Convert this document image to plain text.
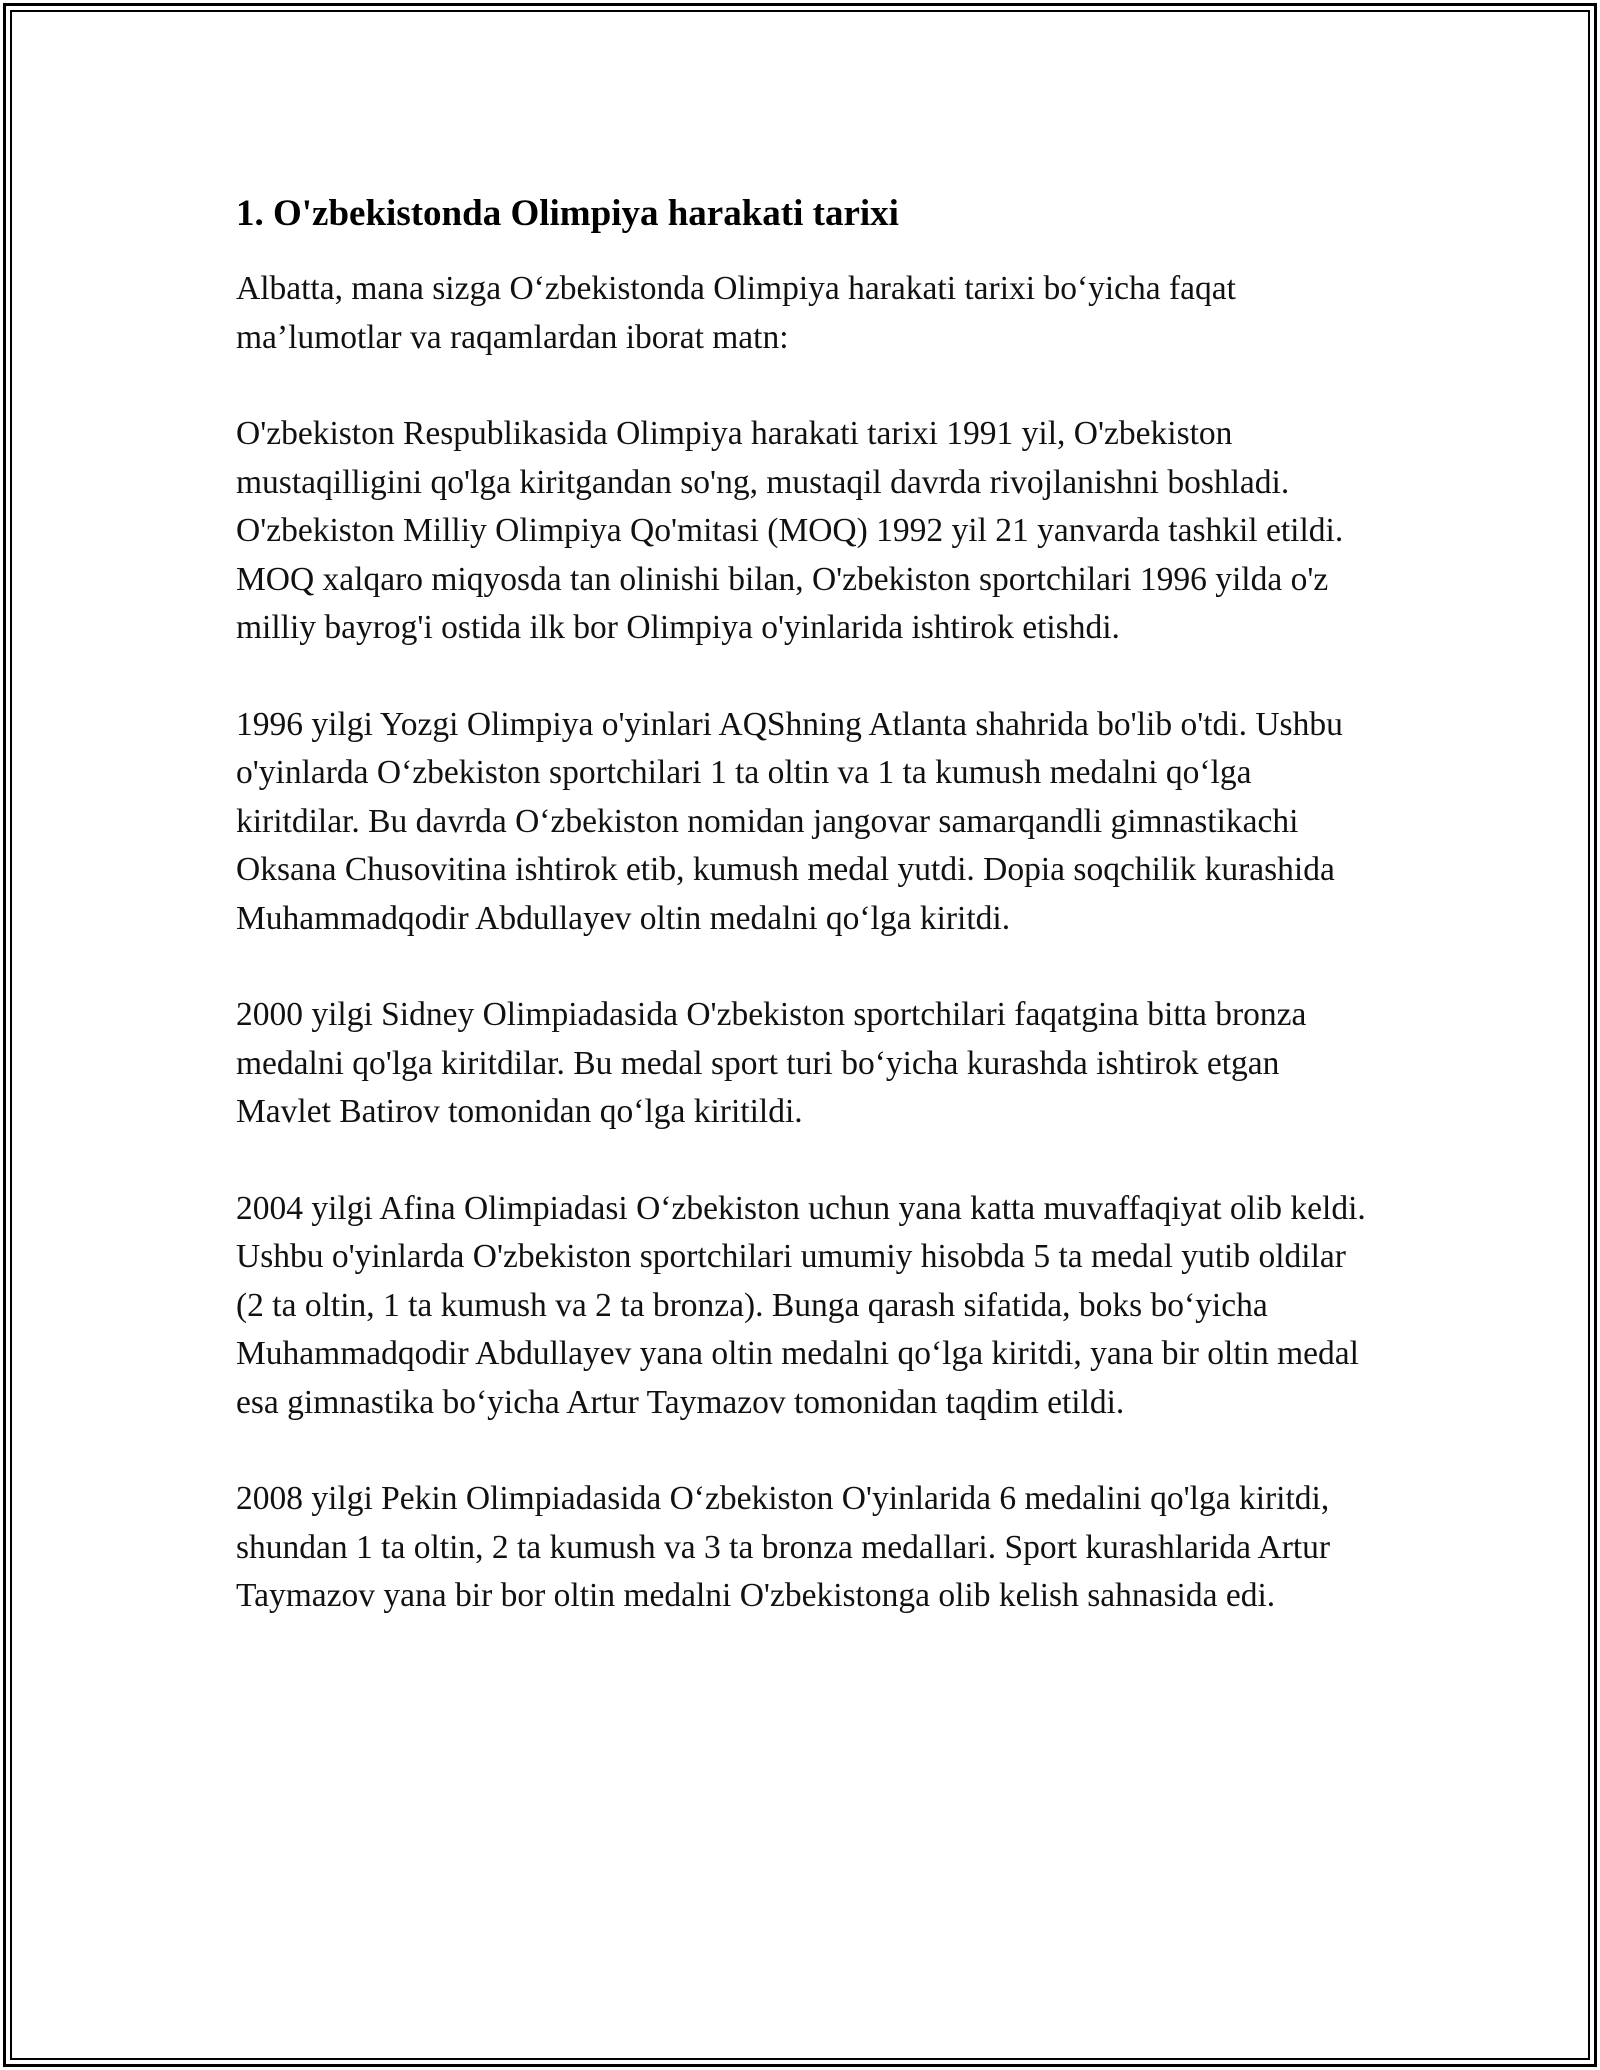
1. O'zbekistonda Olimpiya harakati tarixi

Albatta, mana sizga O‘zbekistonda Olimpiya harakati tarixi bo‘yicha faqat ma’lumotlar va raqamlardan iborat matn:

O'zbekiston Respublikasida Olimpiya harakati tarixi 1991 yil, O'zbekiston mustaqilligini qo'lga kiritgandan so'ng, mustaqil davrda rivojlanishni boshladi. O'zbekiston Milliy Olimpiya Qo'mitasi (MOQ) 1992 yil 21 yanvarda tashkil etildi. MOQ xalqaro miqyosda tan olinishi bilan, O'zbekiston sportchilari 1996 yilda o'z milliy bayrog'i ostida ilk bor Olimpiya o'yinlarida ishtirok etishdi.

1996 yilgi Yozgi Olimpiya o'yinlari AQShning Atlanta shahrida bo'lib o'tdi. Ushbu o'yinlarda O‘zbekiston sportchilari 1 ta oltin va 1 ta kumush medalni qo‘lga kiritdilar. Bu davrda O‘zbekiston nomidan jangovar samarqandli gimnastikachi Oksana Chusovitina ishtirok etib, kumush medal yutdi. Dopia soqchilik kurashida Muhammadqodir Abdullayev oltin medalni qo‘lga kiritdi.

2000 yilgi Sidney Olimpiadasida O'zbekiston sportchilari faqatgina bitta bronza medalni qo'lga kiritdilar. Bu medal sport turi bo‘yicha kurashda ishtirok etgan Mavlet Batirov tomonidan qo‘lga kiritildi.

2004 yilgi Afina Olimpiadasi O‘zbekiston uchun yana katta muvaffaqiyat olib keldi. Ushbu o'yinlarda O'zbekiston sportchilari umumiy hisobda 5 ta medal yutib oldilar (2 ta oltin, 1 ta kumush va 2 ta bronza). Bunga qarash sifatida, boks bo‘yicha Muhammadqodir Abdullayev yana oltin medalni qo‘lga kiritdi, yana bir oltin medal esa gimnastika bo‘yicha Artur Taymazov tomonidan taqdim etildi.

2008 yilgi Pekin Olimpiadasida O‘zbekiston O'yinlarida 6 medalini qo'lga kiritdi, shundan 1 ta oltin, 2 ta kumush va 3 ta bronza medallari. Sport kurashlarida Artur Taymazov yana bir bor oltin medalni O'zbekistonga olib kelish sahnasida edi.
